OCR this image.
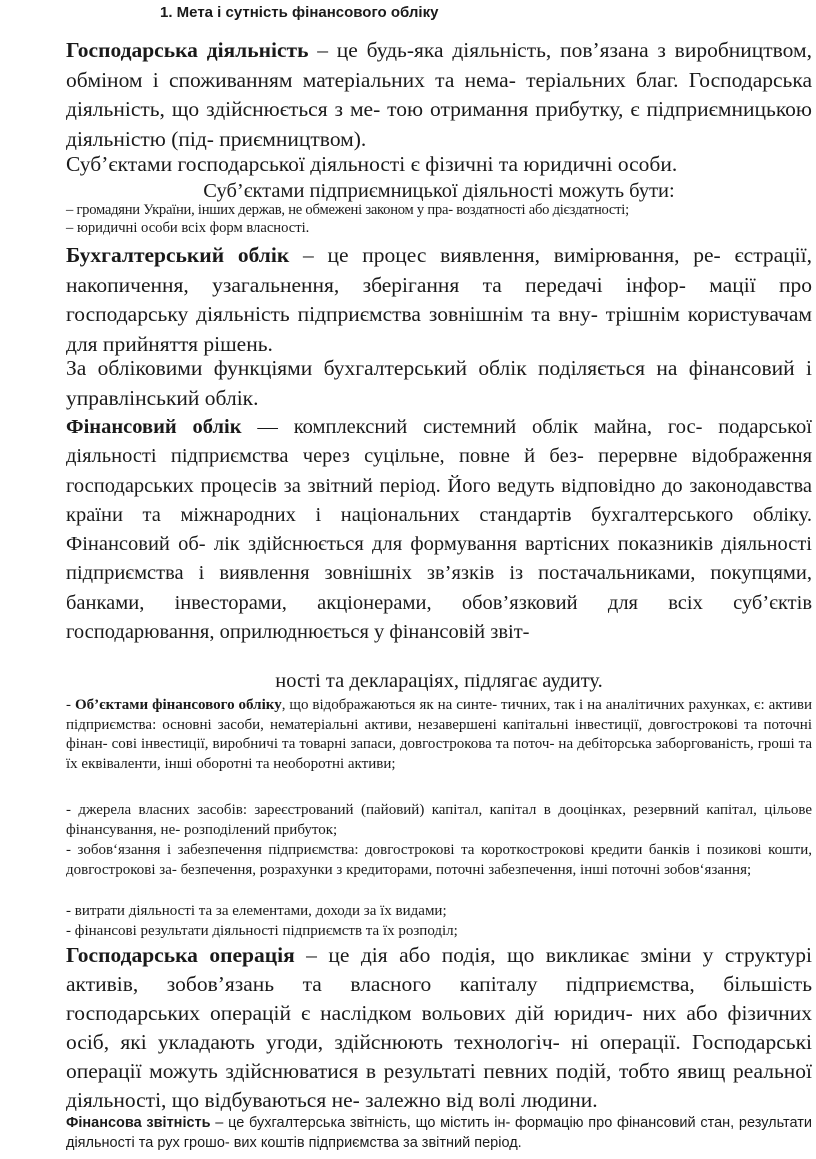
1. Мета і сутність фінансового обліку

Господарська діяльність – це будь-яка діяльність, пов’язана з виробництвом, обміном і споживанням матеріальних та нема- теріальних благ. Господарська діяльність, що здійснюється з ме- тою отримання прибутку, є підприємницькою діяльністю (під- приємництвом).

Суб’єктами господарської діяльності є фізичні та юридичні особи.

Суб’єктами підприємницької діяльності можуть бути:

– громадяни України, інших держав, не обмежені законом у пра- воздатності або дієздатності;

– юридичні особи всіх форм власності.

Бухгалтерський облік – це процес виявлення, вимірювання, ре- єстрації, накопичення, узагальнення, зберігання та передачі інфор- мації про господарську діяльність підприємства зовнішнім та вну- трішнім користувачам для прийняття рішень.

За обліковими функціями бухгалтерський облік поділяється на фінансовий і управлінський облік.

Фінансовий облік — комплексний системний облік майна, гос- подарської діяльності підприємства через суцільне, повне й без- перервне відображення господарських процесів за звітний період. Його ведуть відповідно до законодавства країни та міжнародних і національних стандартів бухгалтерського обліку. Фінансовий об- лік здійснюється для формування вартісних показників діяльності підприємства і виявлення зовнішніх зв’язків із постачальниками, покупцями, банками, інвесторами, акціонерами, обов’язковий для всіх суб’єктів господарювання, оприлюднюється у фінансовій звіт-

ності та деклараціях, підлягає аудиту.

- Об’єктами фінансового обліку, що відображаються як на синте- тичних, так і на аналітичних рахунках, є: активи підприємства: основні засоби, нематеріальні активи, незавершені капітальні інвестиції, довгострокові та поточні фінан- сові інвестиції, виробничі та товарні запаси, довгострокова та поточ- на дебіторська заборгованість, гроші та їх еквіваленти, інші оборотні та необоротні активи;

- джерела власних засобів: зареєстрований (пайовий) капітал, капітал в дооцінках, резервний капітал, цільове фінансування, не- розподілений прибуток;

- зобов‘язання і забезпечення підприємства: довгострокові та короткострокові кредити банків і позикові кошти, довгострокові за- безпечення, розрахунки з кредиторами, поточні забезпечення, інші поточні зобов‘язання;

- витрати діяльності та за елементами, доходи за їх видами;

- фінансові результати діяльності підприємств та їх розподіл;

Господарська операція – це дія або подія, що викликає зміни у структурі активів, зобов’язань та власного капіталу підприємства, більшість господарських операцій є наслідком вольових дій юридич- них або фізичних осіб, які укладають угоди, здійснюють технологіч- ні операції. Господарські операції можуть здійснюватися в результаті певних подій, тобто явищ реальної діяльності, що відбуваються не- залежно від волі людини.

Фінансова звітність – це бухгалтерська звітність, що містить ін- формацію про фінансовий стан, результати діяльності та рух грошо- вих коштів підприємства за звітний період.
